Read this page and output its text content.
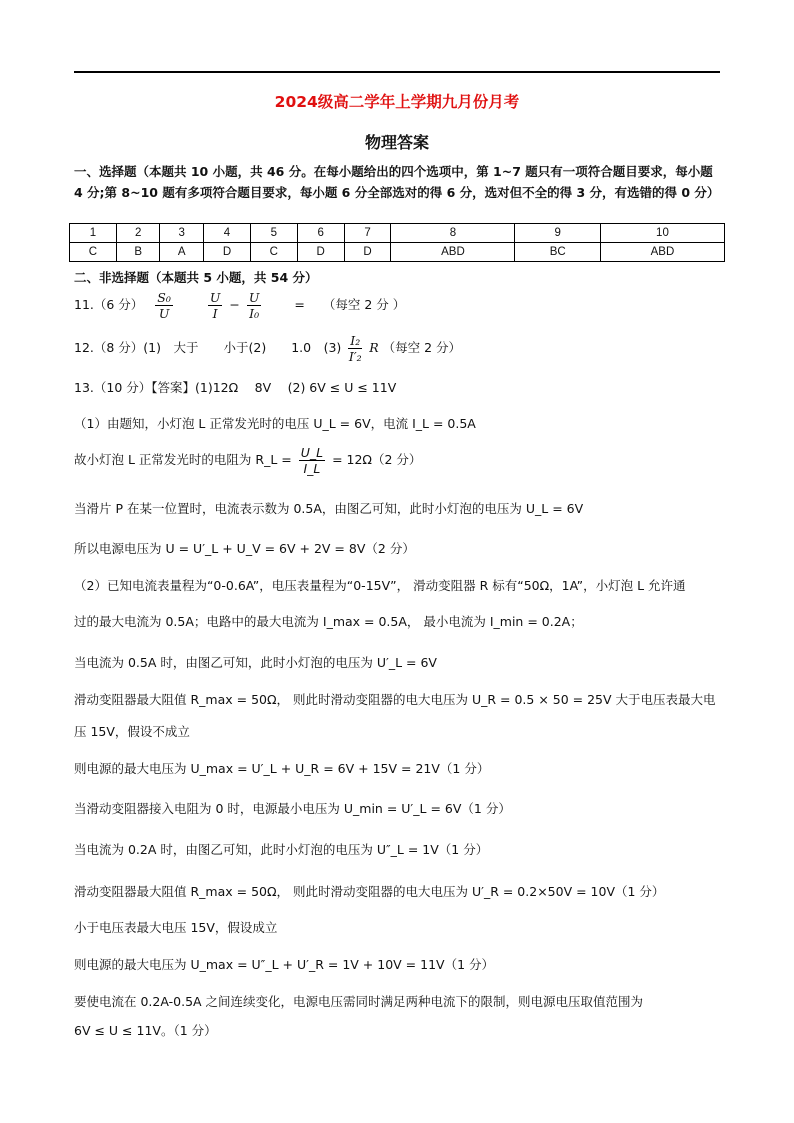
2024级高二学年上学期九月份月考
物理答案
一、选择题（本题共 10 小题，共 46 分。在每小题给出的四个选项中，第 1~7 题只有一项符合题目要求，每小题 4 分;第 8~10 题有多项符合题目要求，每小题 6 分全部选对的得 6 分，选对但不全的得 3 分，有选错的得 0 分）
1	2	3	4	5	6	7	8	9	10
C	B	A	D	C	D	D	ABD	BC	ABD
二、非选择题（本题共 5 小题，共 54 分）
11.（6 分） $\frac{\text{S₀}}{U}$
	$\frac{U}{I} - \frac{U}{\text{I₀}}$	= （每空 2 分 ）
12.（8 分）(1)　大于　　小于(2)　　1.0　$(3) \frac{\text{I₂}}{\text{I′₂}}$ R （每空 2 分）
13.（10 分）【答案】(1)12Ω　 8V　 (2) 6V ≤ U ≤ 11V
（1）由题知，小灯泡 L 正常发光时的电压 U_L = 6V，电流 I_L = 0.5A
故小灯泡 L 正常发光时的电阻为 R_L = $\frac{U\_L}{I\_L} = 12\Omega(2$ 分）
当滑片 P 在某一位置时，电流表示数为 0.5A，由图乙可知，此时小灯泡的电压为 U_L = 6V
所以电源电压为 U = U′_L + U_V = 6V + 2V = 8V（2 分）
（2）已知电流表量程为“0-0.6A”，电压表量程为“0-15V”， 滑动变阻器 R 标有“50Ω，1A”，小灯泡 L 允许通
过的最大电流为 0.5A；电路中的最大电流为 I_max = 0.5A， 最小电流为 I_min = 0.2A；
当电流为 0.5A 时，由图乙可知，此时小灯泡的电压为 U′_L = 6V
滑动变阻器最大阻值 R_max = 50Ω， 则此时滑动变阻器的电大电压为 U_R = 0.5 × 50 = 25V 大于电压表最大电
压 15V，假设不成立
则电源的最大电压为 U_max = U′_L + U_R = 6V + 15V = 21V（1 分）
当滑动变阻器接入电阻为 0 时，电源最小电压为 U_min = U′_L = 6V（1 分）
当电流为 0.2A 时，由图乙可知，此时小灯泡的电压为 U″_L = 1V（1 分）
滑动变阻器最大阻值 R_max = 50Ω， 则此时滑动变阻器的电大电压为 U′_R = 0.2×50V = 10V（1 分）
小于电压表最大电压 15V，假设成立
则电源的最大电压为 U_max = U″_L + U′_R = 1V + 10V = 11V（1 分）
要使电流在 0.2A-0.5A 之间连续变化，电源电压需同时满足两种电流下的限制，则电源电压取值范围为
6V ≤ U ≤ 11V。（1 分）
